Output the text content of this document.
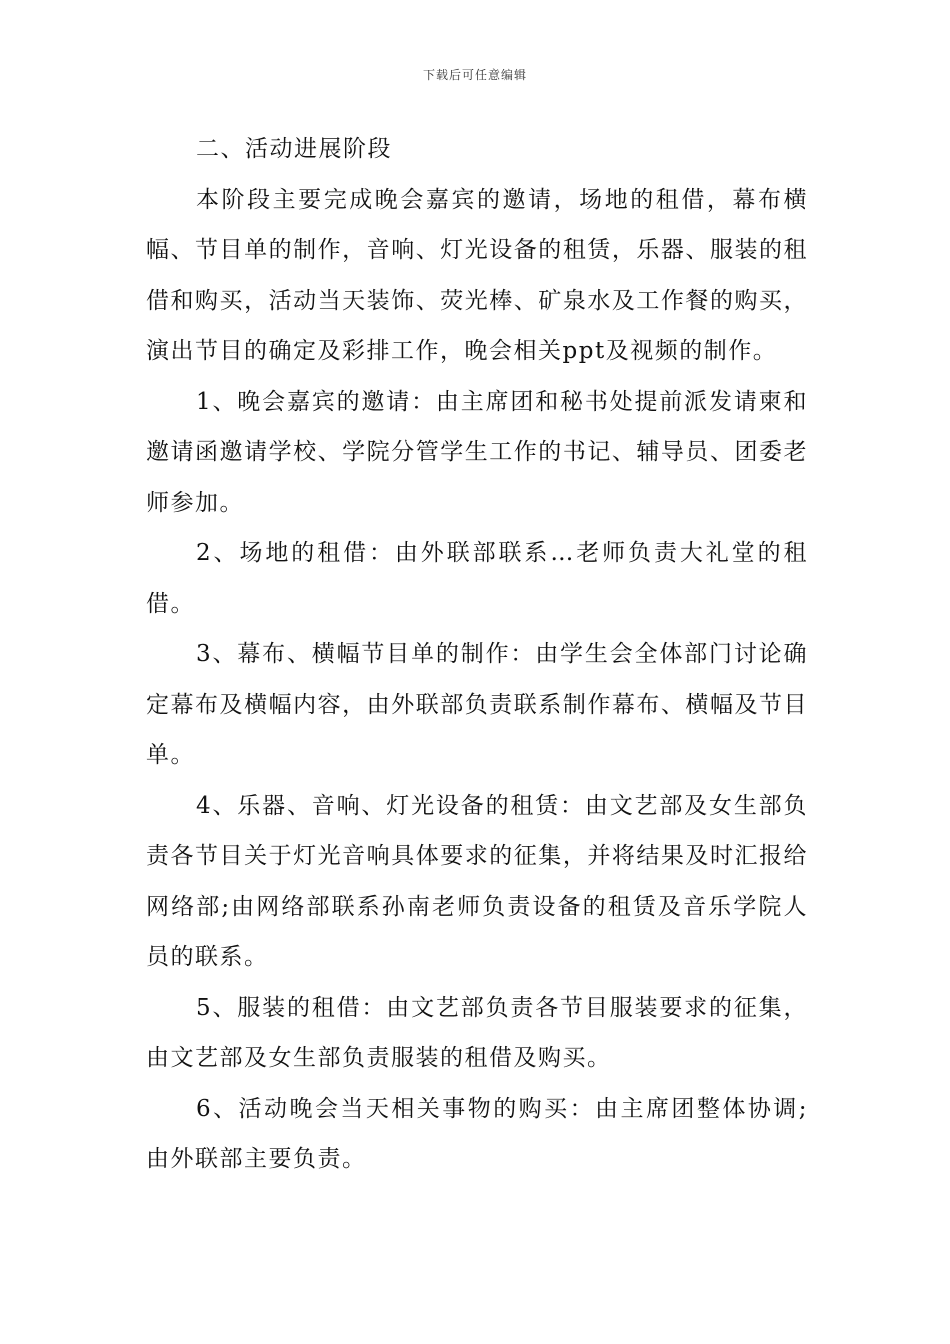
下载后可任意编辑

二、活动进展阶段

本阶段主要完成晚会嘉宾的邀请，场地的租借，幕布横幅、节目单的制作，音响、灯光设备的租赁，乐器、服装的租借和购买，活动当天装饰、荧光棒、矿泉水及工作餐的购买，演出节目的确定及彩排工作，晚会相关ppt及视频的制作。

1、晚会嘉宾的邀请：由主席团和秘书处提前派发请柬和邀请函邀请学校、学院分管学生工作的书记、辅导员、团委老师参加。

2、场地的租借：由外联部联系…老师负责大礼堂的租借。

3、幕布、横幅节目单的制作：由学生会全体部门讨论确定幕布及横幅内容，由外联部负责联系制作幕布、横幅及节目单。

4、乐器、音响、灯光设备的租赁：由文艺部及女生部负责各节目关于灯光音响具体要求的征集，并将结果及时汇报给网络部;由网络部联系孙南老师负责设备的租赁及音乐学院人员的联系。

5、服装的租借：由文艺部负责各节目服装要求的征集，由文艺部及女生部负责服装的租借及购买。

6、活动晚会当天相关事物的购买：由主席团整体协调;由外联部主要负责。
